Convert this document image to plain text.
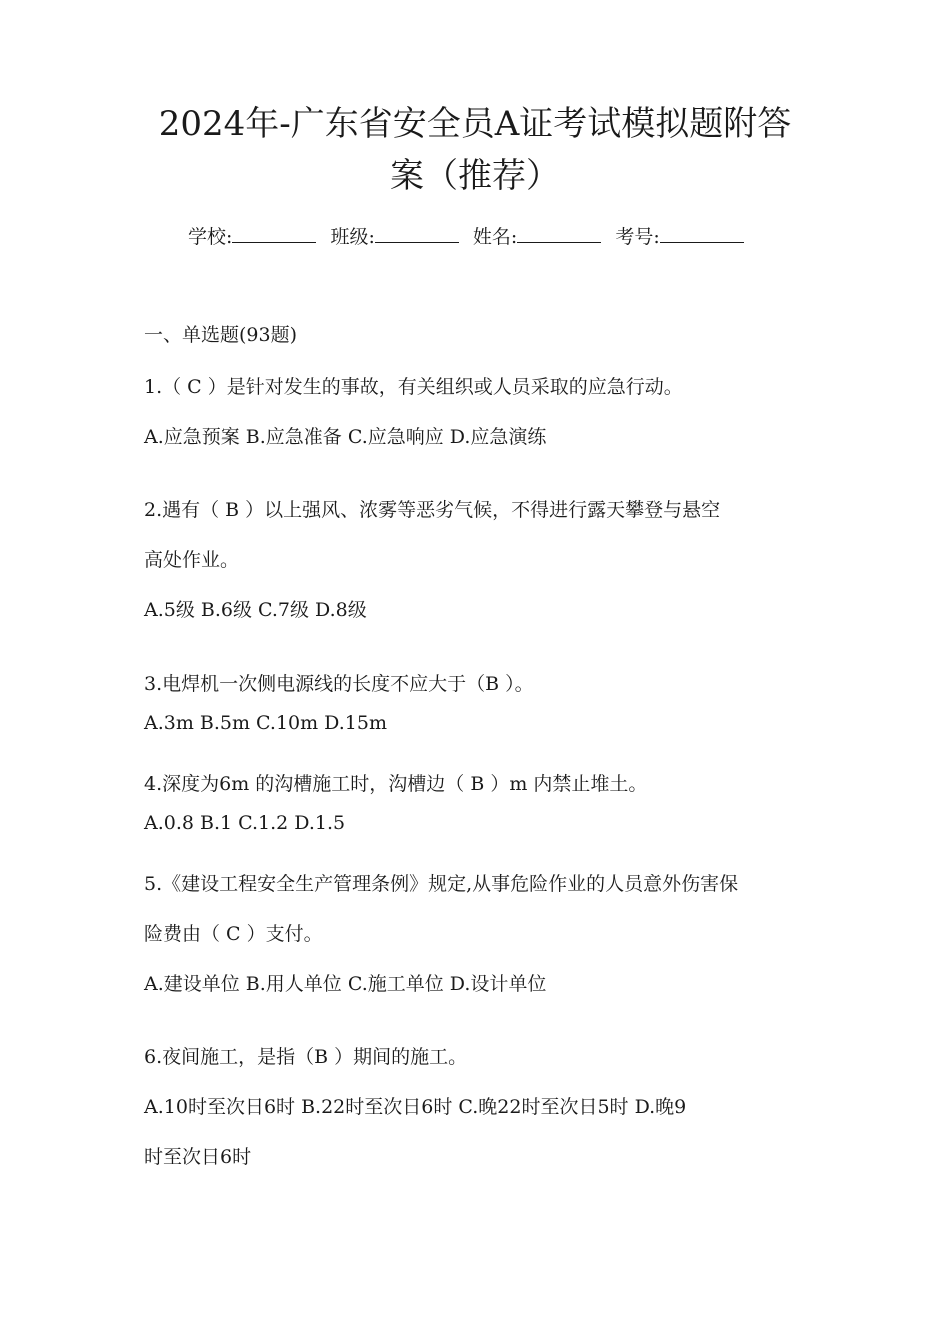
2024年-广东省安全员A证考试模拟题附答
案（推荐）
学校:	班级:	姓名:	考号:
一、单选题(93题)
1.（ C ）是针对发生的事故，有关组织或人员采取的应急行动。
A.应急预案 B.应急准备 C.应急响应 D.应急演练
2.遇有（ B ）以上强风、浓雾等恶劣气候，不得进行露天攀登与悬空
高处作业。
A.5级 B.6级 C.7级 D.8级
3.电焊机一次侧电源线的长度不应大于（B ）。
A.3m B.5m C.10m D.15m
4.深度为6m 的沟槽施工时，沟槽边（ B ）m 内禁止堆土。
A.0.8 B.1 C.1.2 D.1.5
5.《建设工程安全生产管理条例》规定,从事危险作业的人员意外伤害保
险费由（ C ）支付。
A.建设单位 B.用人单位 C.施工单位 D.设计单位
6.夜间施工，是指（B ）期间的施工。
A.10时至次日6时 B.22时至次日6时 C.晚22时至次日5时 D.晚9
时至次日6时
